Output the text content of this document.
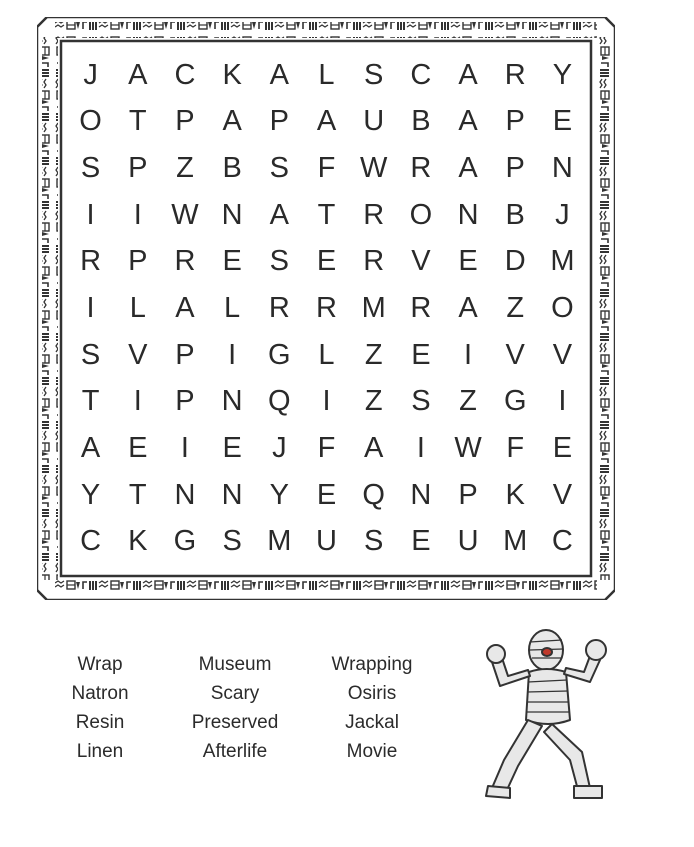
J	A C K A	L	S C A R Y
O T P A P A U B A P E
S P Z B S F W R A P N
I	I	W N A T R O N B	J
R P R E S E R V E D M
I	L	A	L R R M R A Z O
S V P	I	G L	Z E	I	V V
T	I	P N Q	I	Z S Z G	I
A E	I	E	J	F A	I	W F E
Y T N N Y E Q N P K V
C K G S M U S E U M C
Wrap
Natron
Resin
Linen
Museum
Scary
Preserved
Afterlife
Wrapping
Osiris
Jackal
Movie
